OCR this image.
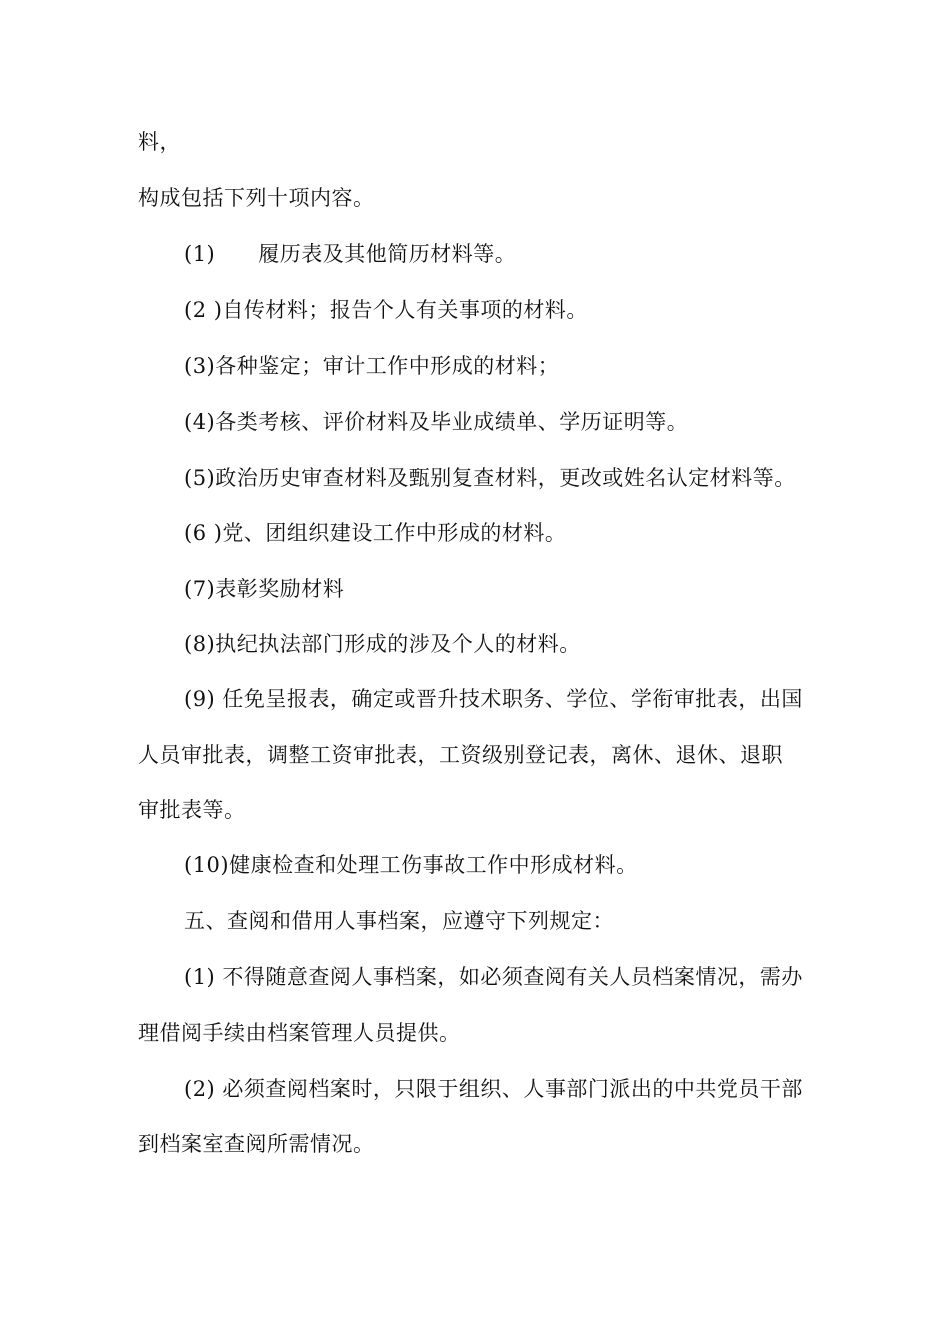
料，
构成包括下列十项内容。
(1)　　履历表及其他简历材料等。
(2 )自传材料；报告个人有关事项的材料。
(3)各种鉴定；审计工作中形成的材料；
(4)各类考核、评价材料及毕业成绩单、学历证明等。
(5)政治历史审查材料及甄别复查材料，更改或姓名认定材料等。
(6 )党、团组织建设工作中形成的材料。
(7)表彰奖励材料
(8)执纪执法部门形成的涉及个人的材料。
(9) 任免呈报表，确定或晋升技术职务、学位、学衔审批表，出国
人员审批表，调整工资审批表，工资级别登记表，离休、退休、退职
审批表等。
(10)健康检查和处理工伤事故工作中形成材料。
五、查阅和借用人事档案，应遵守下列规定：
(1) 不得随意查阅人事档案，如必须查阅有关人员档案情况，需办
理借阅手续由档案管理人员提供。
(2) 必须查阅档案时，只限于组织、人事部门派出的中共党员干部
到档案室查阅所需情况。
